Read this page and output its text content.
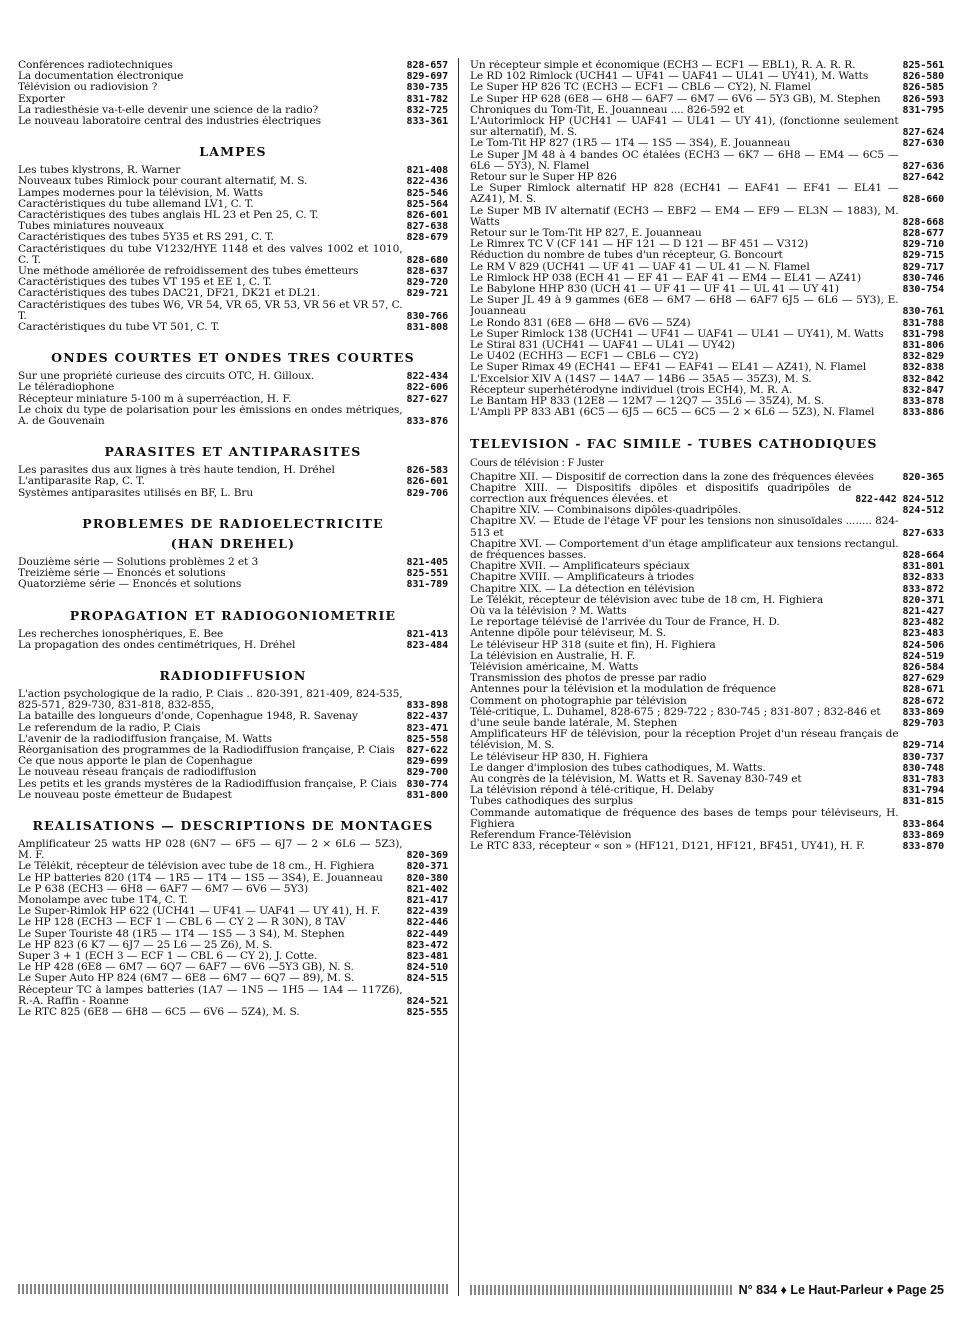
Conférences radiotechniques	828-657
La documentation électronique	829-697
Télévision ou radiovision ?	830-735
Exporter	831-782
La radiesthésie va-t-elle devenir une science de la radio?	832-725
Le nouveau laboratoire central des industries électriques	833-361
LAMPES
Les tubes klystrons, R. Warner	821-408
Nouveaux tubes Rimlock pour courant alternatif, M. S.	822-436
Lampes modernes pour la télévision, M. Watts	825-546
Caractéristiques du tube allemand LV1, C. T.	825-564
Caractéristiques des tubes anglais HL 23 et Pen 25, C. T.	826-601
Tubes miniatures nouveaux	827-638
Caractéristiques des tubes 5Y35 et RS 291, C. T.	828-679
Caractéristiques du tube V1232/HYE 1148 et des valves 1002 et 1010, C. T.	828-680
Une méthode améliorée de refroidissement des tubes émetteurs	828-637
Caractéristiques des tubes VT 195 et EE 1, C. T.	829-720
Caractéristiques des tubes DAC21, DF21, DK21 et DL21.	829-721
Caractéristiques des tubes W6, VR 54, VR 65, VR 53, VR 56 et VR 57, C. T.	830-766
Caractéristiques du tube VT 501, C. T.	831-808
ONDES COURTES ET ONDES TRES COURTES
Sur une propriété curieuse des circuits OTC, H. Gilloux.	822-434
Le téléradiophone	822-606
Récepteur miniature 5-100 m à superréaction, H. F.	827-627
Le choix du type de polarisation pour les émissions en ondes métriques, A. de Gouvenain	833-876
PARASITES ET ANTIPARASITES
Les parasites dus aux lignes à très haute tendion, H. Dréhel	826-583
L'antiparasite Rap, C. T.	826-601
Systèmes antiparasites utilisés en BF, L. Bru	829-706
PROBLEMES DE RADIOELECTRICITE
(HAN DREHEL)
Douzième série — Solutions problèmes 2 et 3	821-405
Treizième série — Enoncés et solutions	825-551
Quatorzième série — Enoncés et solutions	831-789
PROPAGATION ET RADIOGONIOMETRIE
Les recherches ionosphériques, E. Bee	821-413
La propagation des ondes centimétriques, H. Dréhel	823-484
RADIODIFFUSION
L'action psychologique de la radio, P. Ciais .. 820-391, 821-409, 824-535, 825-571, 829-730, 831-818, 832-855,	833-898
La bataille des longueurs d'onde, Copenhague 1948, R. Savenay	822-437
Le referendum de la radio, P. Ciais	823-471
L'avenir de la radiodiffusion française, M. Watts	825-558
Réorganisation des programmes de la Radiodiffusion française, P. Ciais	827-622
Ce que nous apporte le plan de Copenhague	829-699
Le nouveau réseau français de radiodiffusion	829-700
Les petits et les grands mystères de la Radiodiffusion française, P. Ciais 830-774
Le nouveau poste émetteur de Budapest	831-800
REALISATIONS — DESCRIPTIONS DE MONTAGES
Amplificateur 25 watts HP 028 (6N7 — 6F5 — 6J7 — 2 × 6L6 — 5Z3), M. F.	820-369
Le Télékit, récepteur de télévision avec tube de 18 cm., H. Fighiera	820-371
Le HP batteries 820 (1T4 — 1R5 — 1T4 — 1S5 — 3S4), E. Jouanneau	820-380
Le P 638 (ECH3 — 6H8 — 6AF7 — 6M7 — 6V6 — 5Y3)	821-402
Monolampe avec tube 1T4, C. T.	821-417
Le Super-Rimlok HP 622 (UCH41 — UF41 — UAF41 — UY 41), H. F.	822-439
Le HP 128 (ECH3 — ECF 1 — CBL 6 — CY 2 — R 30N), 8 TAV	822-446
Le Super Touriste 48 (1R5 — 1T4 — 1S5 — 3 S4), M. Stephen	822-449
Le HP 823 (6 K7 — 6J7 — 25 L6 — 25 Z6), M. S.	823-472
Super 3 + 1 (ECH 3 — ECF 1 — CBL 6 — CY 2), J. Cotte.	823-481
Le HP 428 (6E8 — 6M7 — 6Q7 — 6AF7 — 6V6 —5Y3 GB), N. S.	824-510
Le Super Auto HP 824 (6M7 — 6E8 — 6M7 — 6Q7 — 89), M. S.	824-515
Récepteur TC à lampes batteries (1A7 — 1N5 — 1H5 — 1A4 — 117Z6), R.-A. Raffin - Roanne	824-521
Le RTC 825 (6E8 — 6H8 — 6C5 — 6V6 — 5Z4), M. S.	825-555
Un récepteur simple et économique (ECH3 — ECF1 — EBL1), R. A. R. R.	825-561
Le RD 102 Rimlock (UCH41 — UF41 — UAF41 — UL41 — UY41), M. Watts	826-580
Le Super HP 826 TC (ECH3 — ECF1 — CBL6 — CY2), N. Flamel	826-585
Le Super HP 628 (6E8 — 6H8 — 6AF7 — 6M7 — 6V6 — 5Y3 GB), M. Stephen	826-593
Chroniques du Tom-Tit, E. Jouanneau .... 826-592 et	831-795
L'Autorimlock HP (UCH41 — UAF41 — UL41 — UY 41), (fonctionne seulement sur alternatif), M. S.	827-624
Le Tom-Tit HP 827 (1R5 — 1T4 — 1S5 — 3S4), E. Jouanneau	827-630
Le Super JM 48 à 4 bandes OC étalées (ECH3 — 6K7 — 6H8 — EM4 — 6C5 — 6L6 — 5Y3), N. Flamel	827-636
Retour sur le Super HP 826	827-642
Le Super Rimlock alternatif HP 828 (ECH41 — EAF41 — EF41 — EL41 — AZ41), M. S.	828-660
Le Super MB IV alternatif (ECH3 — EBF2 — EM4 — EF9 — EL3N — 1883), M. Watts	828-668
Retour sur le Tom-Tit HP 827, E. Jouanneau	828-677
Le Rimrex TC V (CF 141 — HF 121 — D 121 — BF 451 — V312)	829-710
Réduction du nombre de tubes d'un récepteur, G. Boncourt	829-715
Le RM V 829 (UCH41 — UF 41 — UAF 41 — UL 41 — N. Flamel	829-717
Le Rimlock HP 038 (ECH 41 — EF 41 — EAF 41 — EM4 — EL41 — AZ41)	830-746
Le Babylone HHP 830 (UCH 41 — UF 41 — UF 41 — UL 41 — UY 41)	830-754
Le Super JL 49 à 9 gammes (6E8 — 6M7 — 6H8 — 6AF7 6J5 — 6L6 — 5Y3), E. Jouanneau	830-761
Le Rondo 831 (6E8 — 6H8 — 6V6 — 5Z4)	831-788
Le Super Rimlock 138 (UCH41 — UF41 — UAF41 — UL41 — UY41), M. Watts	831-798
Le Stiral 831 (UCH41 — UAF41 — UL41 — UY42)	831-806
Le U402 (ECHH3 — ECF1 — CBL6 — CY2)	832-829
Le Super Rimax 49 (ECH41 — EF41 — EAF41 — EL41 — AZ41), N. Flamel	832-838
L'Excelsior XIV A (14S7 — 14A7 — 14B6 — 35A5 — 35Z3), M. S.	832-842
Récepteur superhétérodyne individuel (trois ECH4), M. R. A.	832-847
Le Bantam HP 833 (12E8 — 12M7 — 12Q7 — 35L6 — 35Z4), M. S.	833-878
L'Ampli PP 833 AB1 (6C5 — 6J5 — 6C5 — 6C5 — 2 × 6L6 — 5Z3), N. Flamel	833-886
TELEVISION - FAC SIMILE - TUBES CATHODIQUES
Cours de télévision : F Juster
Chapitre XII. — Dispositif de correction dans la zone des fréquences élevées	820-365
Chapitre XIII. — Dispositifs dipôles et dispositifs quadripôles de correction aux fréquences élevées. et	822-442 824-512
Chapitre XIV. — Combinaisons dipôles-quadripôles.	824-512
Chapitre XV. — Etude de l'étage VF pour les tensions non sinusoïdales ........ 824-513 et	827-633
Chapitre XVI. — Comportement d'un étage amplificateur aux tensions rectangul. de fréquences basses.	828-664
Chapitre XVII. — Amplificateurs spéciaux	831-801
Chapitre XVIII. — Amplificateurs à triodes	832-833
Chapitre XIX. — La détection en télévision	833-872
Le Télékit, récepteur de télévision avec tube de 18 cm, H. Fighiera	820-371
Où va la télévision ? M. Watts	821-427
Le reportage télévisé de l'arrivée du Tour de France, H. D.	823-482
Antenne dipôle pour téléviseur, M. S.	823-483
Le téléviseur HP 318 (suite et fin), H. Fighiera	824-506
La télévision en Australie, H. F.	824-519
Télévision américaine, M. Watts	826-584
Transmission des photos de presse par radio	827-629
Antennes pour la télévision et la modulation de fréquence	828-671
Comment on photographie par télévision	828-672
Télé-critique, L. Duhamel, 828-675 ; 829-722 ; 830-745 ; 831-807 ; 832-846 et	833-869
d'une seule bande latérale, M. Stephen	829-703
Amplificateurs HF de télévision, pour la réception Projet d'un réseau français de télévision, M. S.	829-714
Le téléviseur HP 830, H. Fighiera	830-737
Le danger d'implosion des tubes cathodiques, M. Watts.	830-748
Au congrès de la télévision, M. Watts et R. Savenay 830-749 et	831-783
La télévision répond à télé-critique, H. Delaby	831-794
Tubes cathodiques des surplus	831-815
Commande automatique de fréquence des bases de temps pour téléviseurs, H. Fighiera	833-864
Referendum France-Télévision	833-869
Le RTC 833, récepteur « son » (HF121, D121, HF121, BF451, UY41), H. F.	833-870
N° 834 ♦ Le Haut-Parleur ♦ Page 25
